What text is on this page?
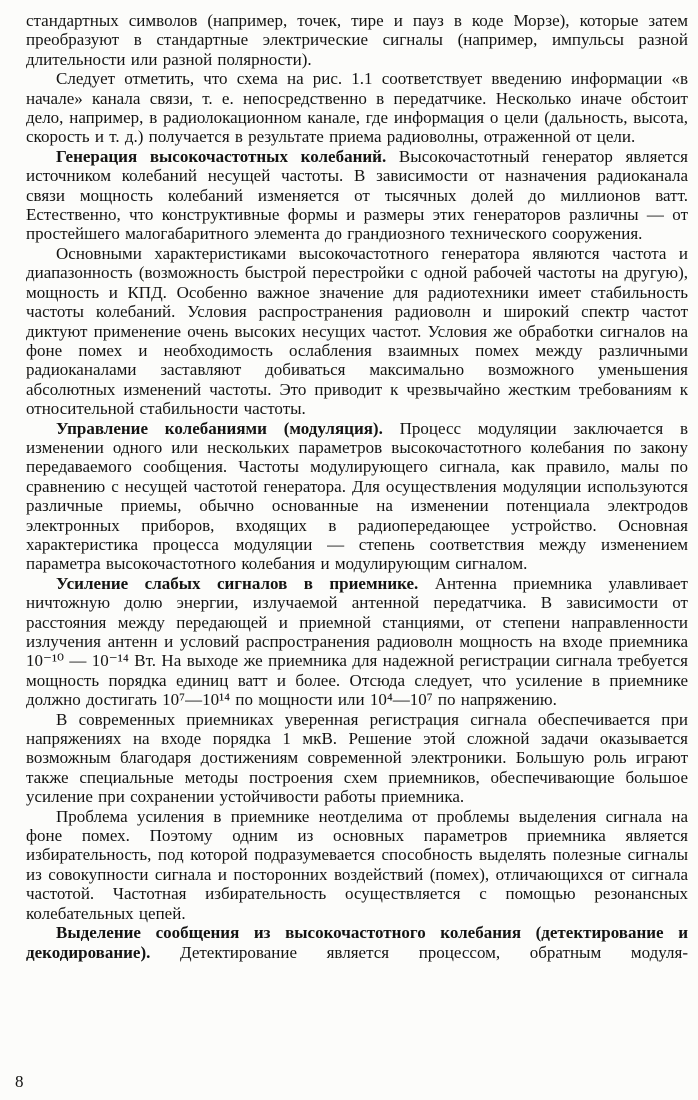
стандартных символов (например, точек, тире и пауз в коде Морзе), которые затем преобразуют в стандартные электрические сигналы (например, импульсы разной длительности или разной полярности).

Следует отметить, что схема на рис. 1.1 соответствует введению информации «в начале» канала связи, т. е. непосредственно в передатчике. Несколько иначе обстоит дело, например, в радиолокационном канале, где информация о цели (дальность, высота, скорость и т. д.) получается в результате приема радиоволны, отраженной от цели.

Генерация высокочастотных колебаний. Высокочастотный генератор является источником колебаний несущей частоты. В зависимости от назначения радиоканала связи мощность колебаний изменяется от тысячных долей до миллионов ватт. Естественно, что конструктивные формы и размеры этих генераторов различны — от простейшего малогабаритного элемента до грандиозного технического сооружения.

Основными характеристиками высокочастотного генератора являются частота и диапазонность (возможность быстрой перестройки с одной рабочей частоты на другую), мощность и КПД. Особенно важное значение для радиотехники имеет стабильность частоты колебаний. Условия распространения радиоволн и широкий спектр частот диктуют применение очень высоких несущих частот. Условия же обработки сигналов на фоне помех и необходимость ослабления взаимных помех между различными радиоканалами заставляют добиваться максимально возможного уменьшения абсолютных изменений частоты. Это приводит к чрезвычайно жестким требованиям к относительной стабильности частоты.

Управление колебаниями (модуляция). Процесс модуляции заключается в изменении одного или нескольких параметров высокочастотного колебания по закону передаваемого сообщения. Частоты модулирующего сигнала, как правило, малы по сравнению с несущей частотой генератора. Для осуществления модуляции используются различные приемы, обычно основанные на изменении потенциала электродов электронных приборов, входящих в радиопередающее устройство. Основная характеристика процесса модуляции — степень соответствия между изменением параметра высокочастотного колебания и модулирующим сигналом.

Усиление слабых сигналов в приемнике. Антенна приемника улавливает ничтожную долю энергии, излучаемой антенной передатчика. В зависимости от расстояния между передающей и приемной станциями, от степени направленности излучения антенн и условий распространения радиоволн мощность на входе приемника 10⁻¹⁰ — 10⁻¹⁴ Вт. На выходе же приемника для надежной регистрации сигнала требуется мощность порядка единиц ватт и более. Отсюда следует, что усиление в приемнике должно достигать 10⁷—10¹⁴ по мощности или 10⁴—10⁷ по напряжению.

В современных приемниках уверенная регистрация сигнала обеспечивается при напряжениях на входе порядка 1 мкВ. Решение этой сложной задачи оказывается возможным благодаря достижениям современной электроники. Большую роль играют также специальные методы построения схем приемников, обеспечивающие большое усиление при сохранении устойчивости работы приемника.

Проблема усиления в приемнике неотделима от проблемы выделения сигнала на фоне помех. Поэтому одним из основных параметров приемника является избирательность, под которой подразумевается способность выделять полезные сигналы из совокупности сигнала и посторонних воздействий (помех), отличающихся от сигнала частотой. Частотная избирательность осуществляется с помощью резонансных колебательных цепей.

Выделение сообщения из высокочастотного колебания (детектирование и декодирование). Детектирование является процессом, обратным модуля-

8
